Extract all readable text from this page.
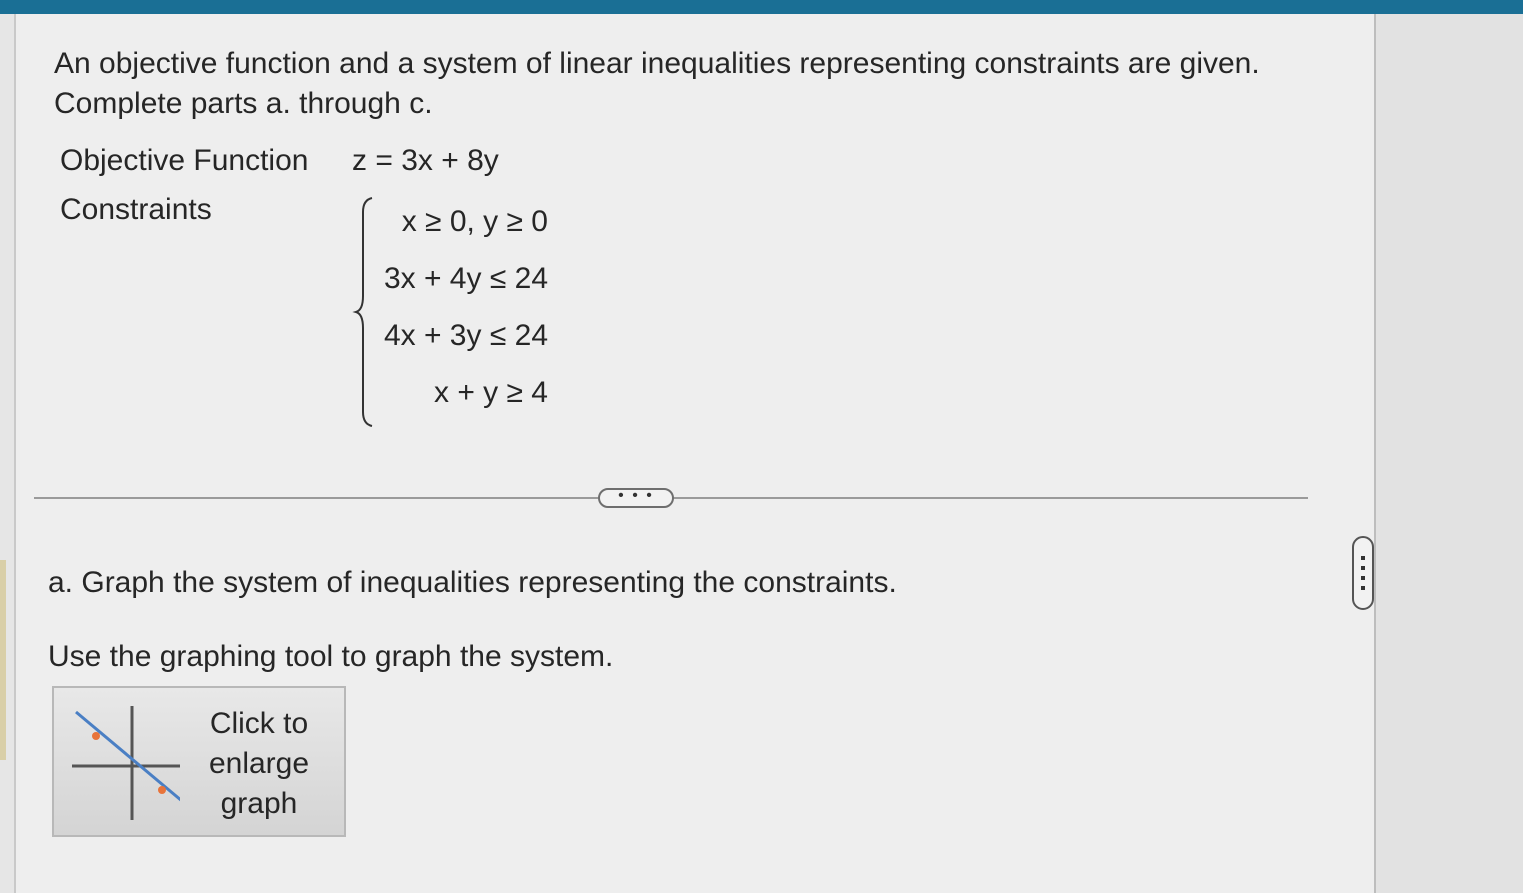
An objective function and a system of linear inequalities representing constraints are given. Complete parts a. through c.

Objective Function z = 3x + 8y
Constraints	x ≥ 0, y ≥ 0
3x + 4y ≤ 24
4x + 3y ≤ 24
x + y ≥ 4
• • •
a. Graph the system of inequalities representing the constraints.
Use the graphing tool to graph the system.
Click to enlarge graph
